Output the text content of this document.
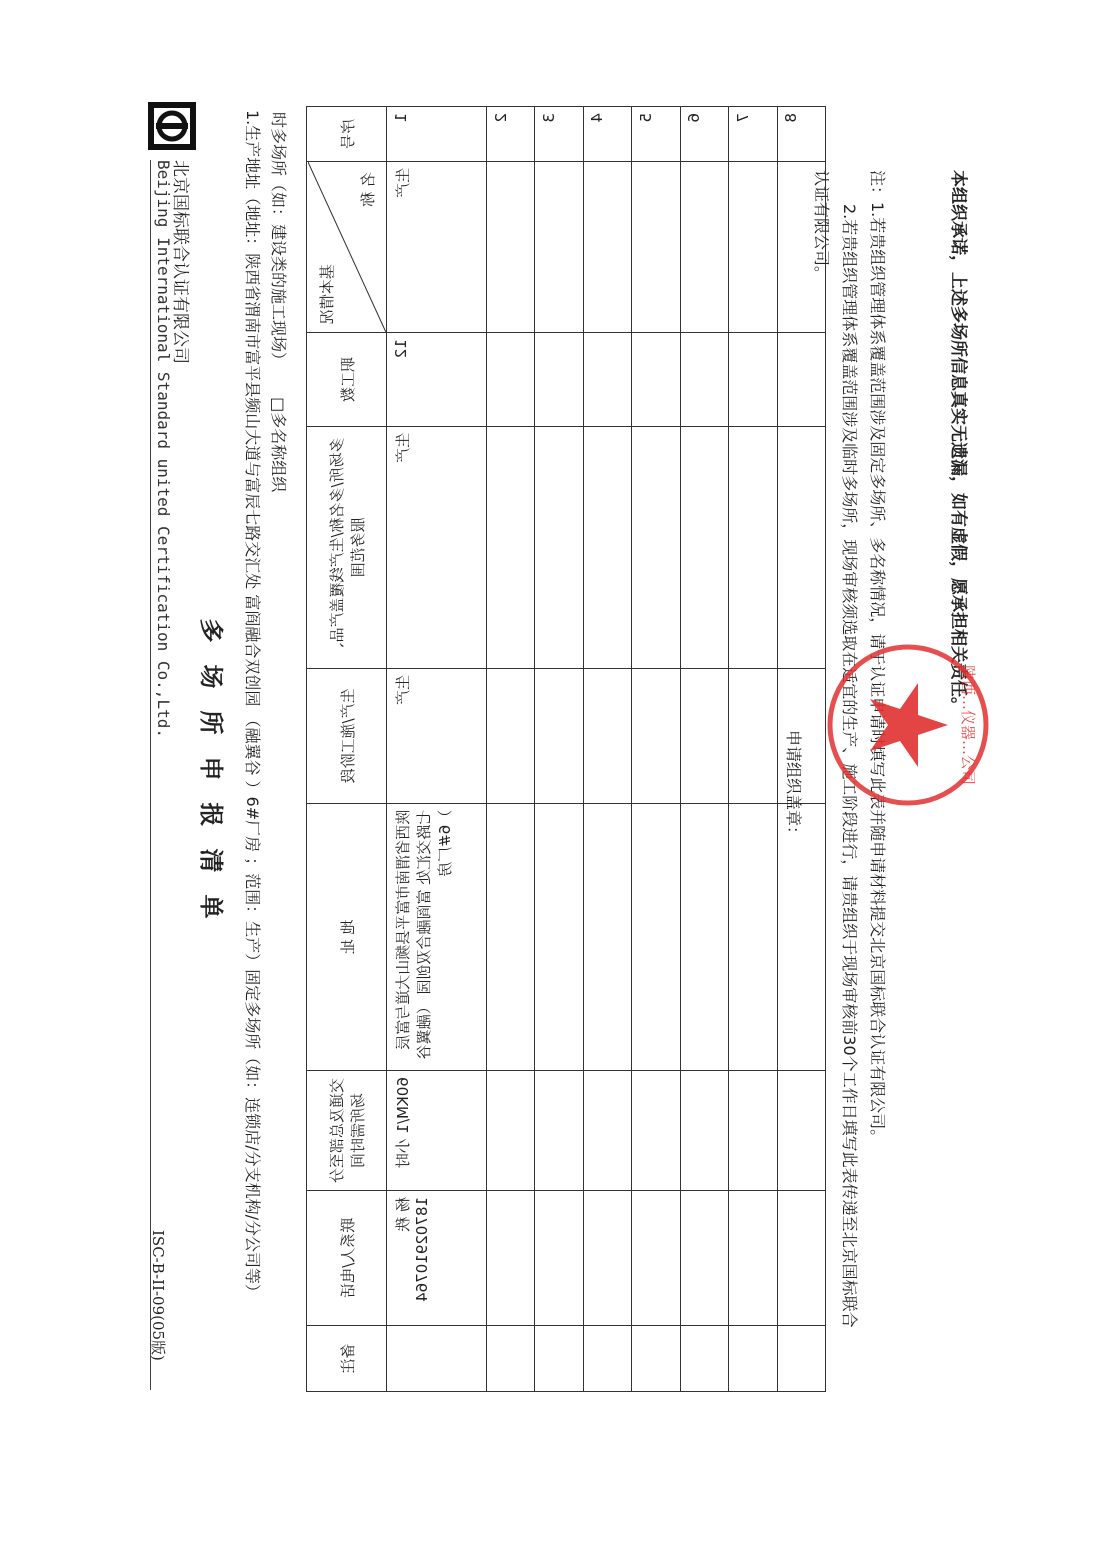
北京国标联合认证有限公司
Beijing International Standard united Certification Co.,Ltd.
ISC-B-II-09(05版)
多场所申报清单	1.生产地址（地址：陕西省渭南市富平县频山大道与富辰七路交汇处 富阎融合双创园 （融翼谷 ）6#厂房 ；范围：生产）固定多场所（如：连锁店/分支机构/分公司等） 时多场所（如：建设类的施工现场） □多名称组织
序号	基本情况
名 称	职工数	多场所/多名称/生产线覆盖产品、服务范围	生产/施工阶段	地 址	交通及总部至分场所需时间	联系人/电话	备注
1	生产	12	生产	生产	陕西省渭南市富平县频山大道与富辰七路交汇处 富阎融合双创园 （融翼谷 ）6#厂房	60KM/1 小时	杨 秩 18702910764	
2								
3								
4								
5								
6								
7								
8								
注：1.若贵组织管理体系覆盖范围涉及固定多场所、多名称情况，请于认证申请时填写此表并随申请材料提交北京国标联合认证有限公司。
2.若贵组织管理体系覆盖范围涉及临时多场所，现场审核须选取在适宜的生产、施工阶段进行，请贵组织于现场审核前30个工作日填写此表传递至北京国标联合
认证有限公司。
申请组织盖章：
本组织承诺，上述多场所信息真实无遗漏，如有虚假，愿承担相关责任。
陕西…仪器…公司
